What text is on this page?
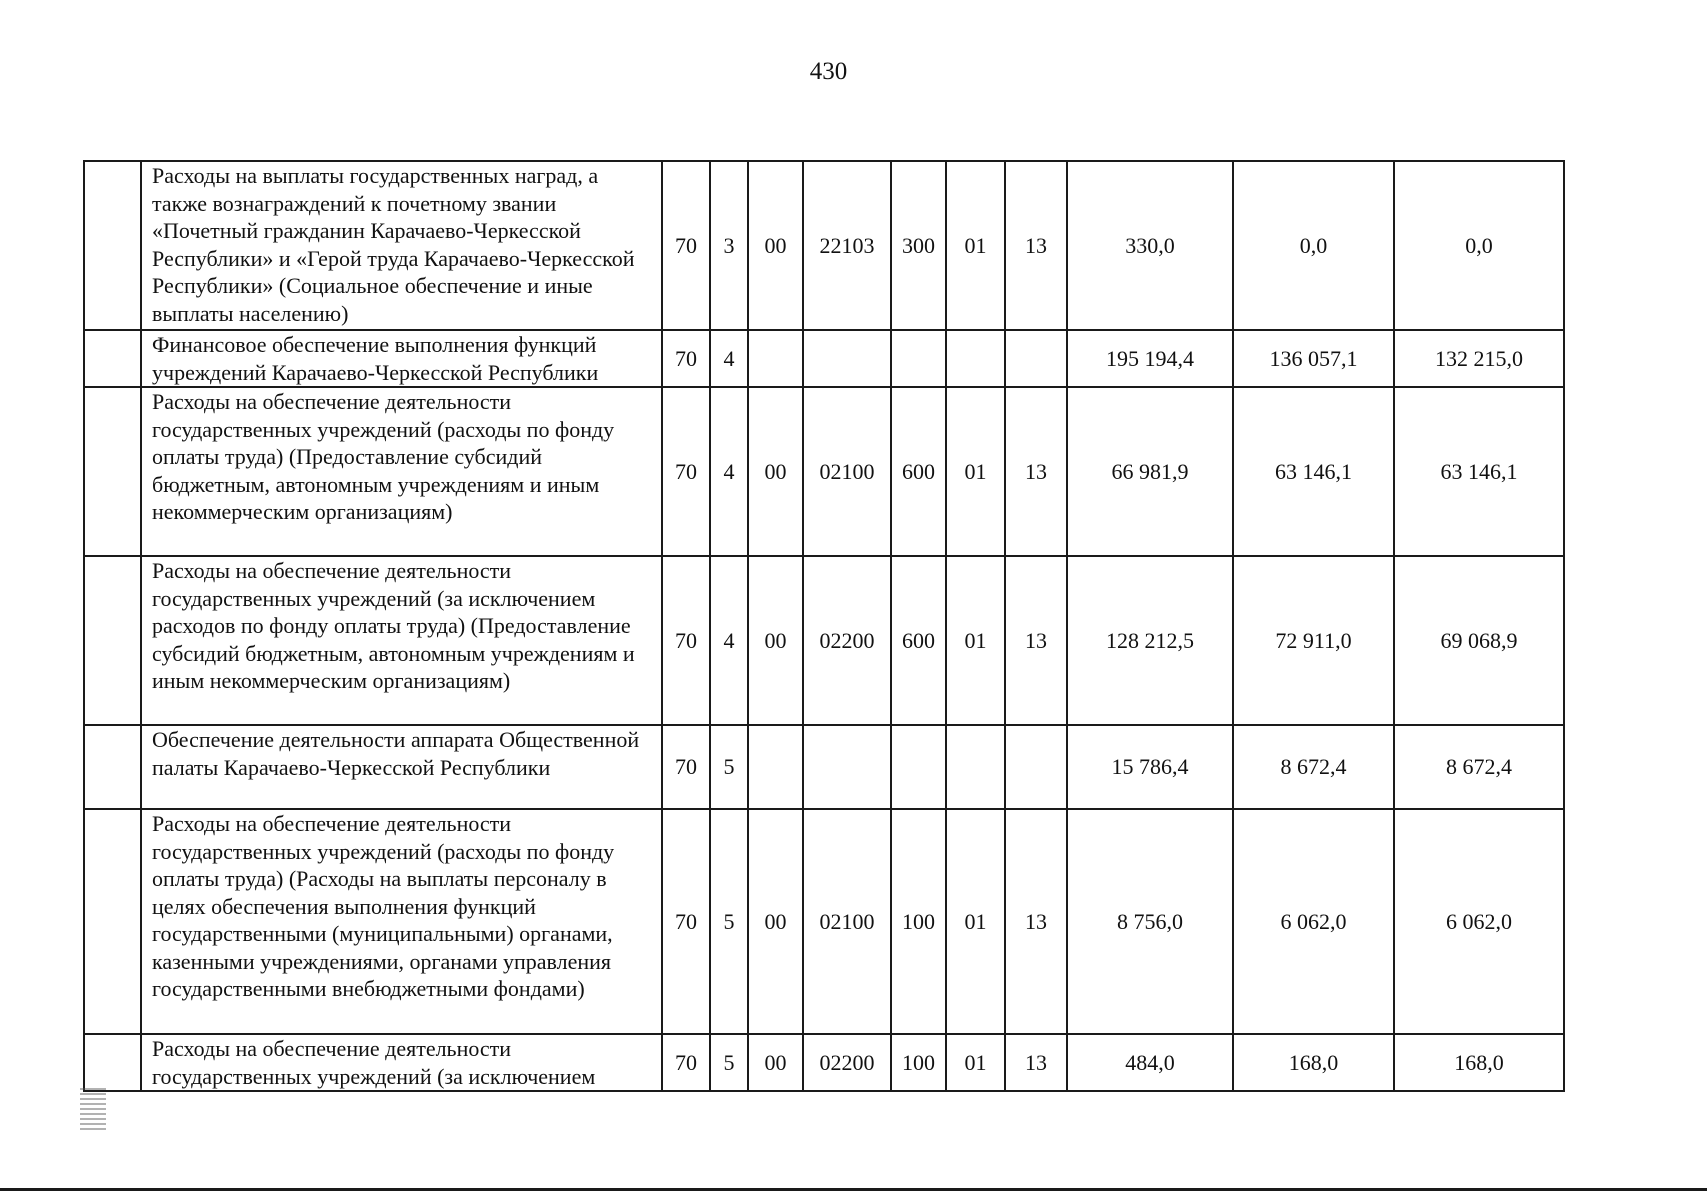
430
	Расходы на выплаты государственных наград, а также вознаграждений к почетному звании «Почетный гражданин Карачаево-Черкесской Республики» и «Герой труда Карачаево-Черкесской Республики» (Социальное обеспечение и иные выплаты населению)	70	3	00	22103	300	01	13	330,0	0,0	0,0
	Финансовое обеспечение выполнения функций учреждений Карачаево-Черкесской Республики	70	4						195 194,4	136 057,1	132 215,0
	Расходы на обеспечение деятельности государственных учреждений (расходы по фонду оплаты труда) (Предоставление субсидий бюджетным, автономным учреждениям и иным некоммерческим организациям)	70	4	00	02100	600	01	13	66 981,9	63 146,1	63 146,1
	Расходы на обеспечение деятельности государственных учреждений (за исключением расходов по фонду оплаты труда) (Предоставление субсидий бюджетным, автономным учреждениям и иным некоммерческим организациям)	70	4	00	02200	600	01	13	128 212,5	72 911,0	69 068,9
	Обеспечение деятельности аппарата Общественной палаты Карачаево-Черкесской Республики	70	5						15 786,4	8 672,4	8 672,4
	Расходы на обеспечение деятельности государственных учреждений (расходы по фонду оплаты труда) (Расходы на выплаты персоналу в целях обеспечения выполнения функций государственными (муниципальными) органами, казенными учреждениями, органами управления государственными внебюджетными фондами)	70	5	00	02100	100	01	13	8 756,0	6 062,0	6 062,0
	Расходы на обеспечение деятельности государственных учреждений (за исключением	70	5	00	02200	100	01	13	484,0	168,0	168,0
